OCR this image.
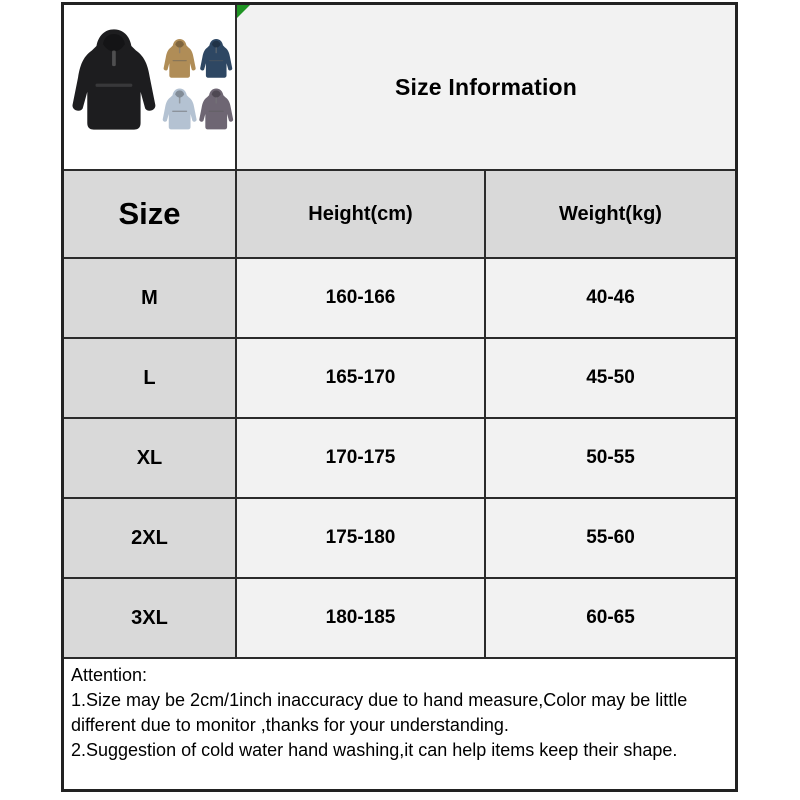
Size Information
Size	Height(cm)	Weight(kg)
M	160-166	40-46
L	165-170	45-50
XL	170-175	50-55
2XL	175-180	55-60
3XL	180-185	60-65
Attention:
1.Size may be 2cm/1inch inaccuracy due to hand measure,Color may be little
different due to monitor ,thanks for your understanding.
2.Suggestion of cold water hand washing,it can help items keep their shape.
